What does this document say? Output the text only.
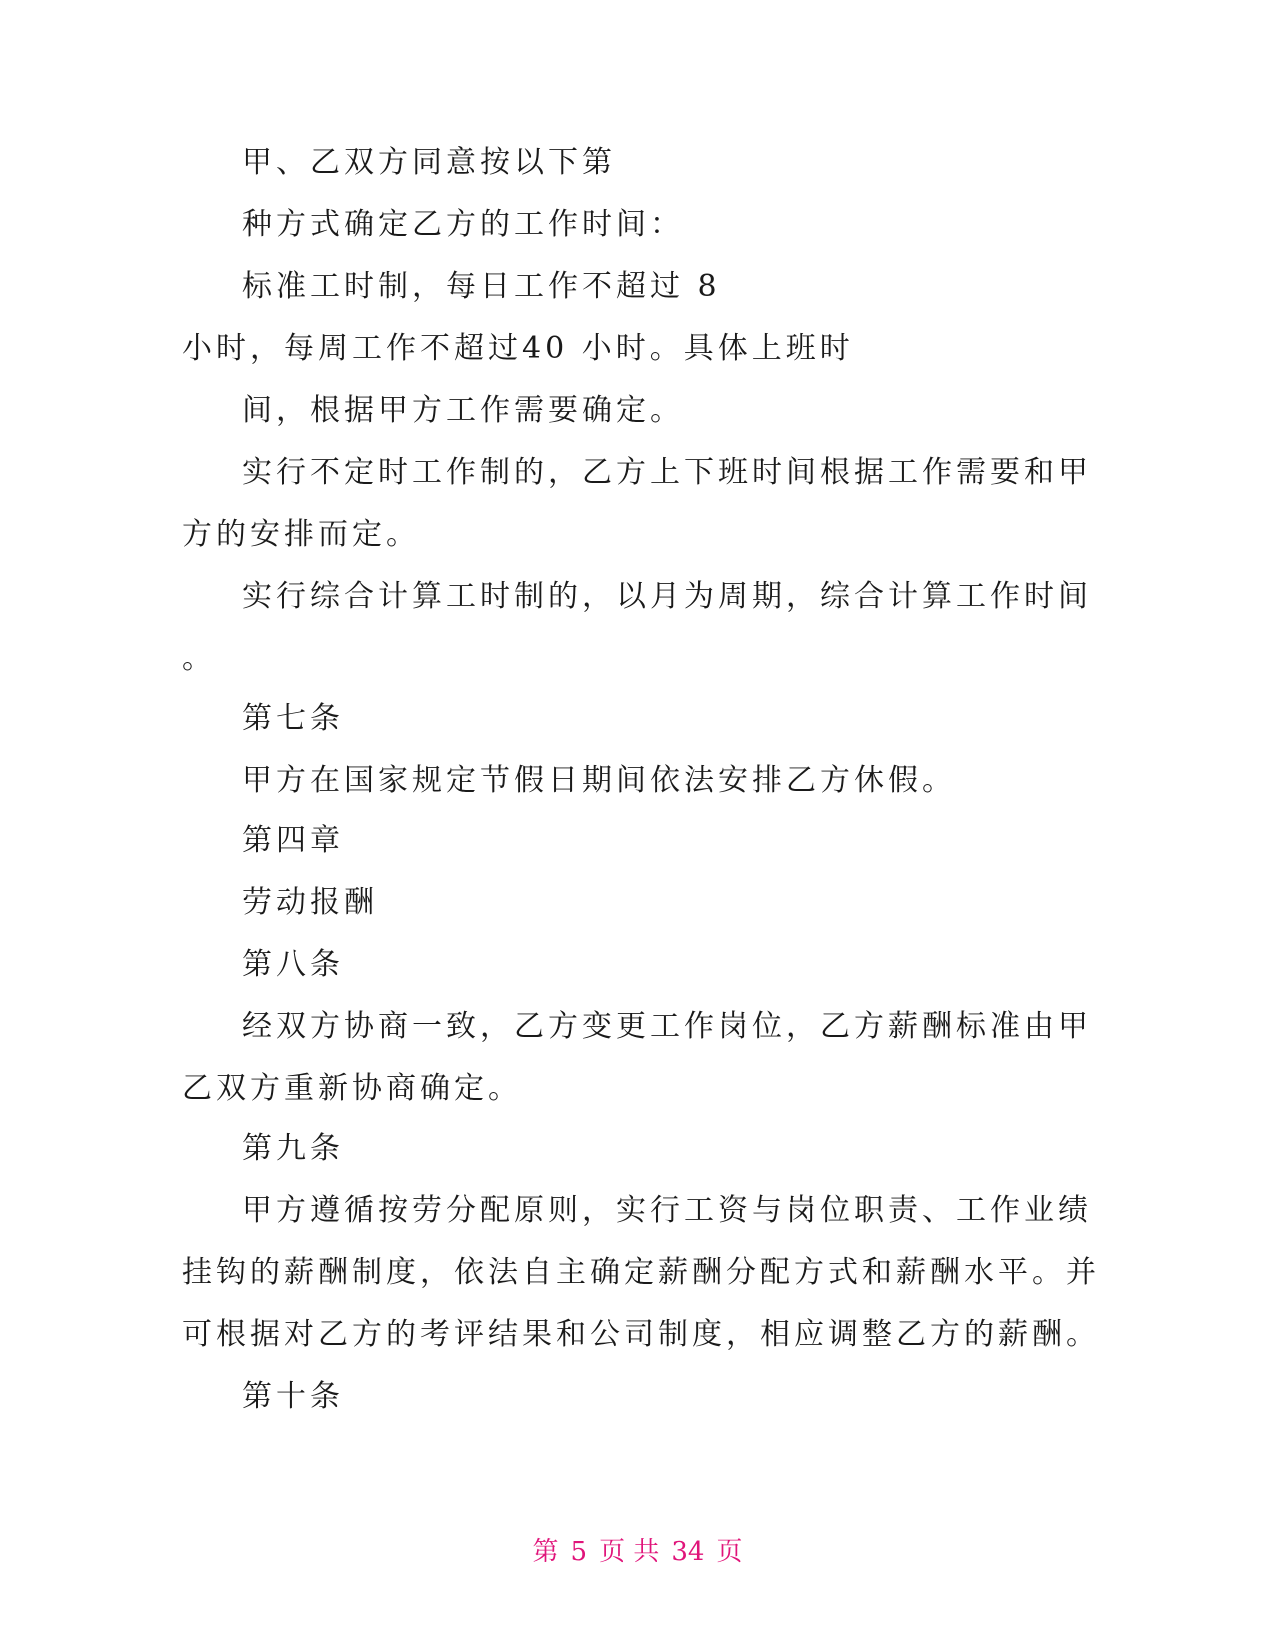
甲、乙双方同意按以下第
种方式确定乙方的工作时间：
标准工时制，每日工作不超过 8
小时，每周工作不超过40 小时。具体上班时
间，根据甲方工作需要确定。
实行不定时工作制的，乙方上下班时间根据工作需要和甲
方的安排而定。
实行综合计算工时制的，以月为周期，综合计算工作时间
。
第七条
甲方在国家规定节假日期间依法安排乙方休假。
第四章
劳动报酬
第八条
经双方协商一致，乙方变更工作岗位，乙方薪酬标准由甲
乙双方重新协商确定。
第九条
甲方遵循按劳分配原则，实行工资与岗位职责、工作业绩
挂钩的薪酬制度，依法自主确定薪酬分配方式和薪酬水平。并
可根据对乙方的考评结果和公司制度，相应调整乙方的薪酬。
第十条
第 5 页 共 34 页
